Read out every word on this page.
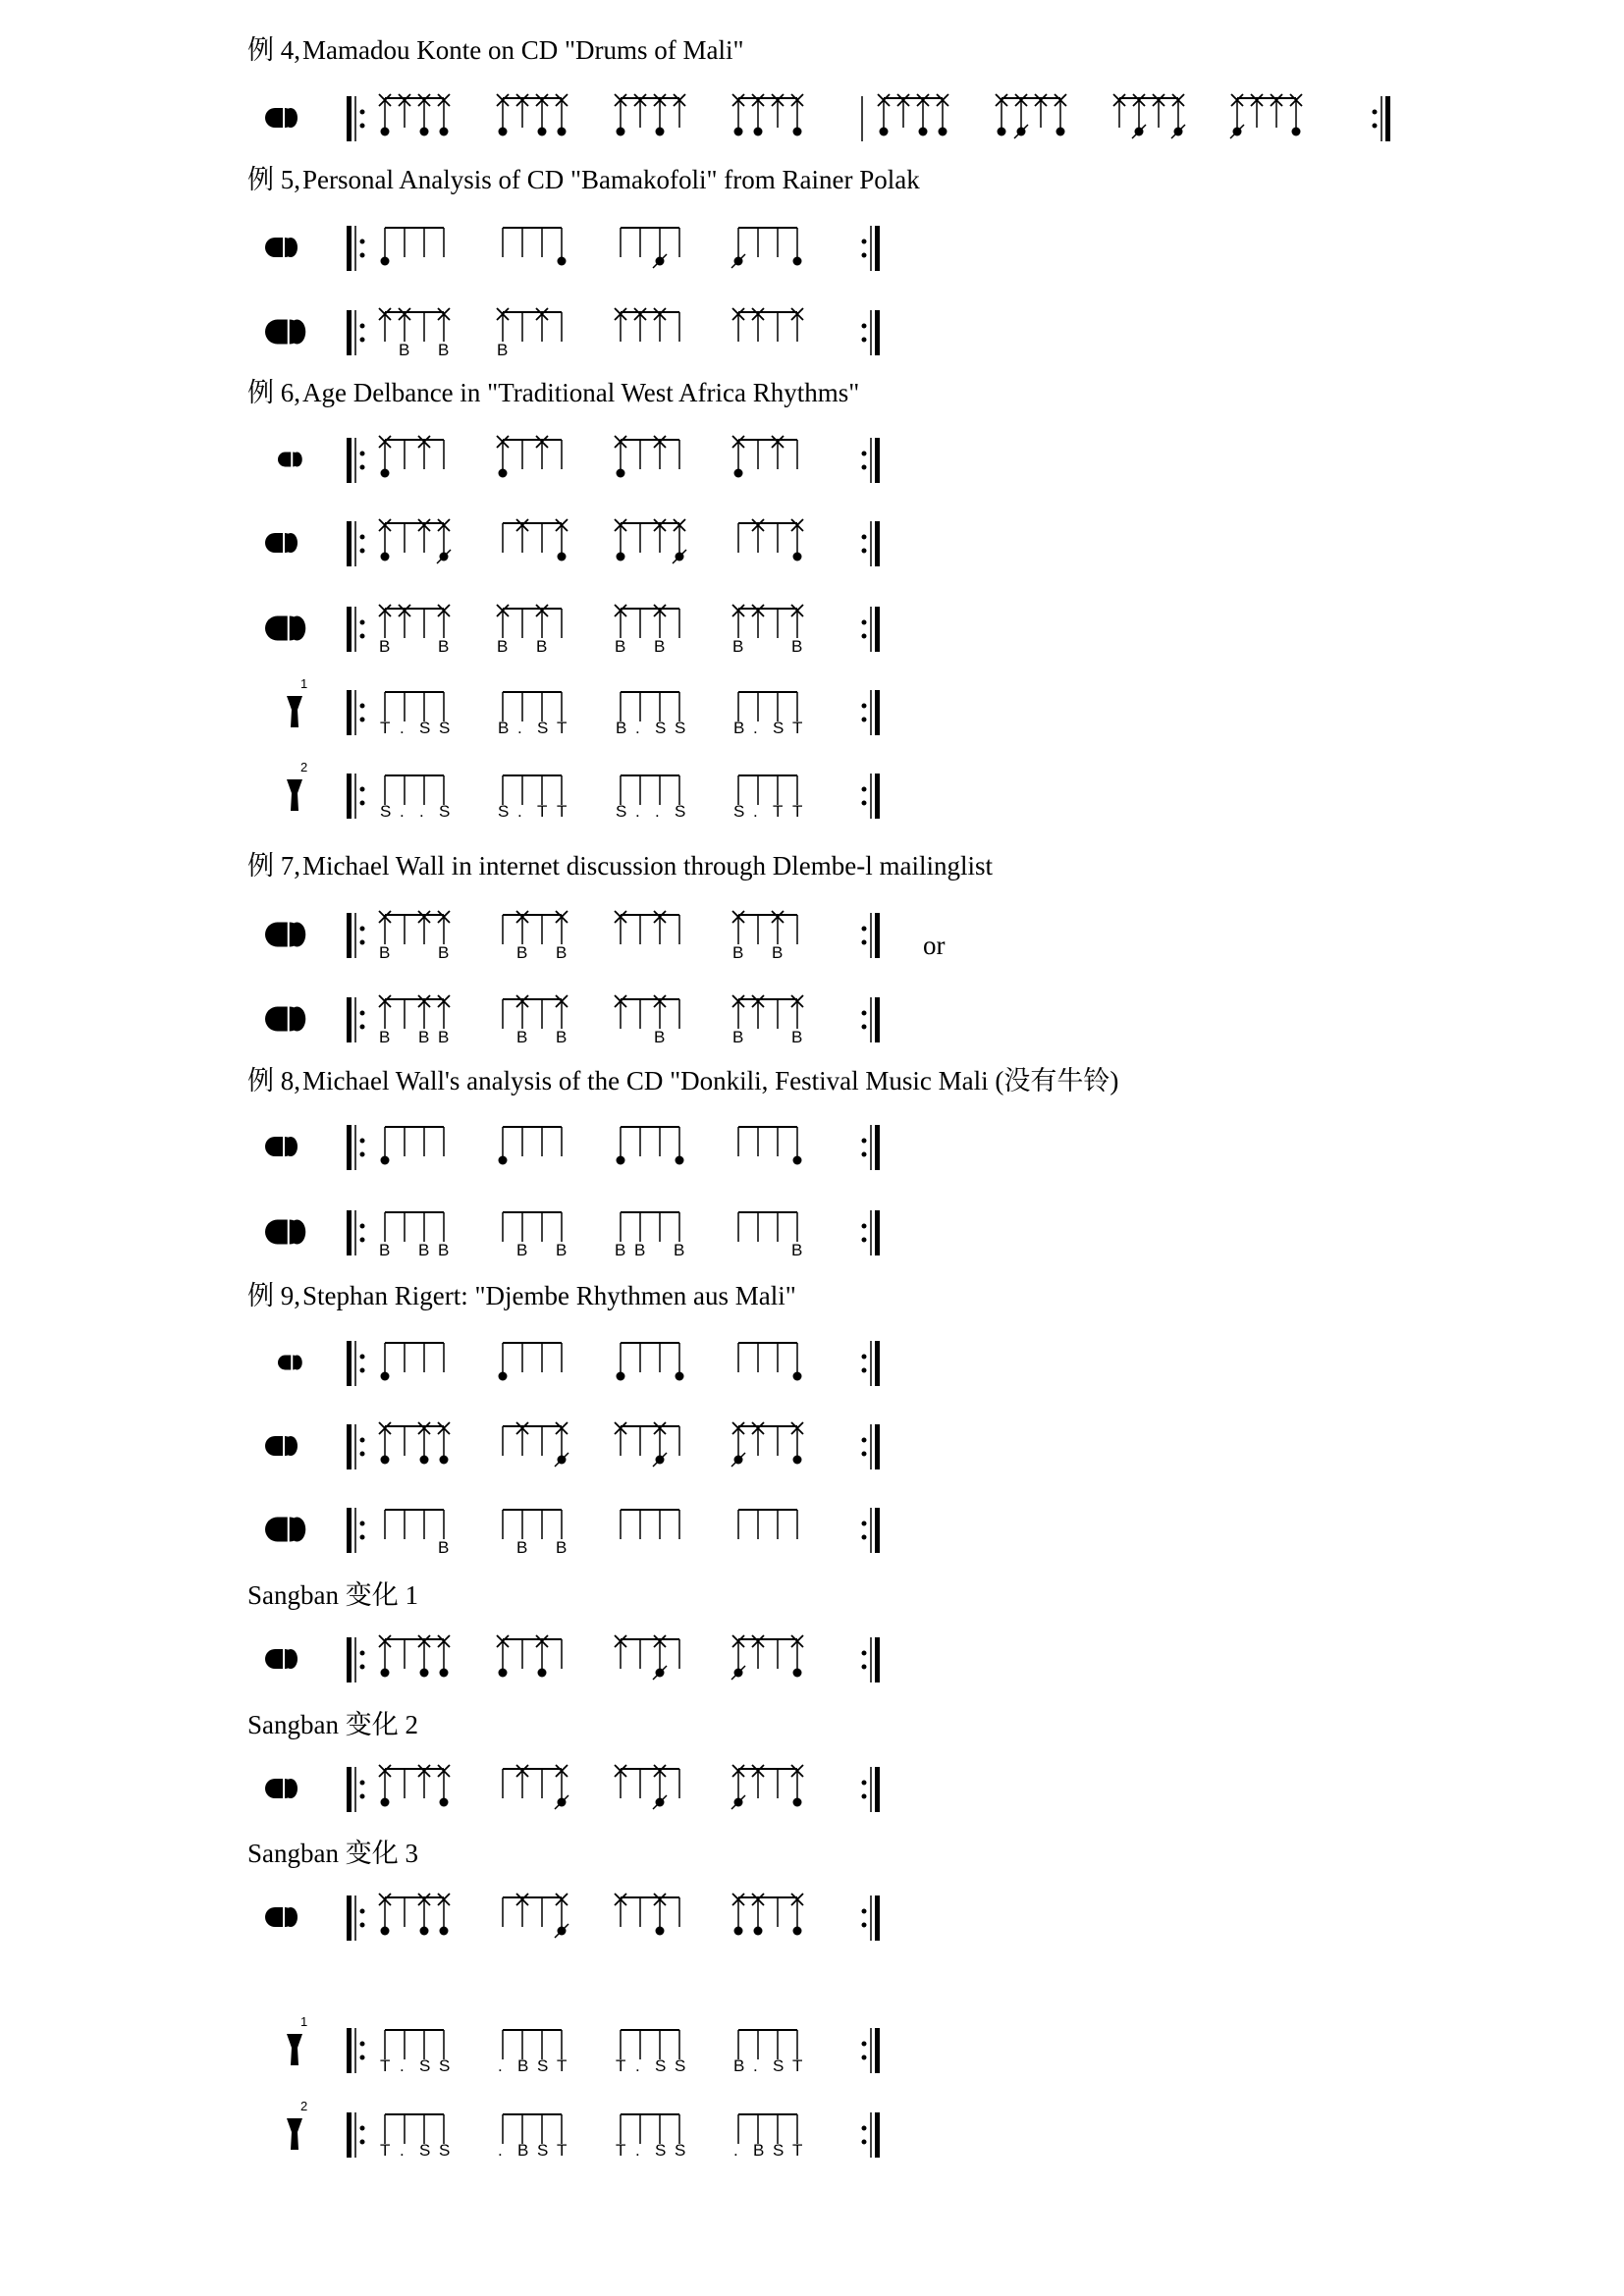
例 4,Mamadou Konte on CD "Drums of Mali"
例 5,Personal Analysis of CD "Bamakofoli" from Rainer Polak
例 6,Age Delbance in "Traditional West Africa Rhythms"
例 7,Michael Wall in internet discussion through Dlembe-l mailinglist
例 8,Michael Wall's analysis of the CD "Donkili, Festival Music Mali (没有牛铃)
例 9,Stephan Rigert: "Djembe Rhythmen aus Mali"
Sangban 变化 1
Sangban 变化 2
Sangban 变化 3
or
B B	B
B	B	B B	B B	B	B
1
T . S S	B . S T	B . S S	B . S T
2
S . . S	S . T T	S . . S	S . T T
B	B	B B	B B
B B B	B B	B	B	B
B B B	B B	B B B	B
B	B B
1
T . S S	. B S T	T . S S	B . S T
2
T . S S	. B S T	T . S S	. B S T
